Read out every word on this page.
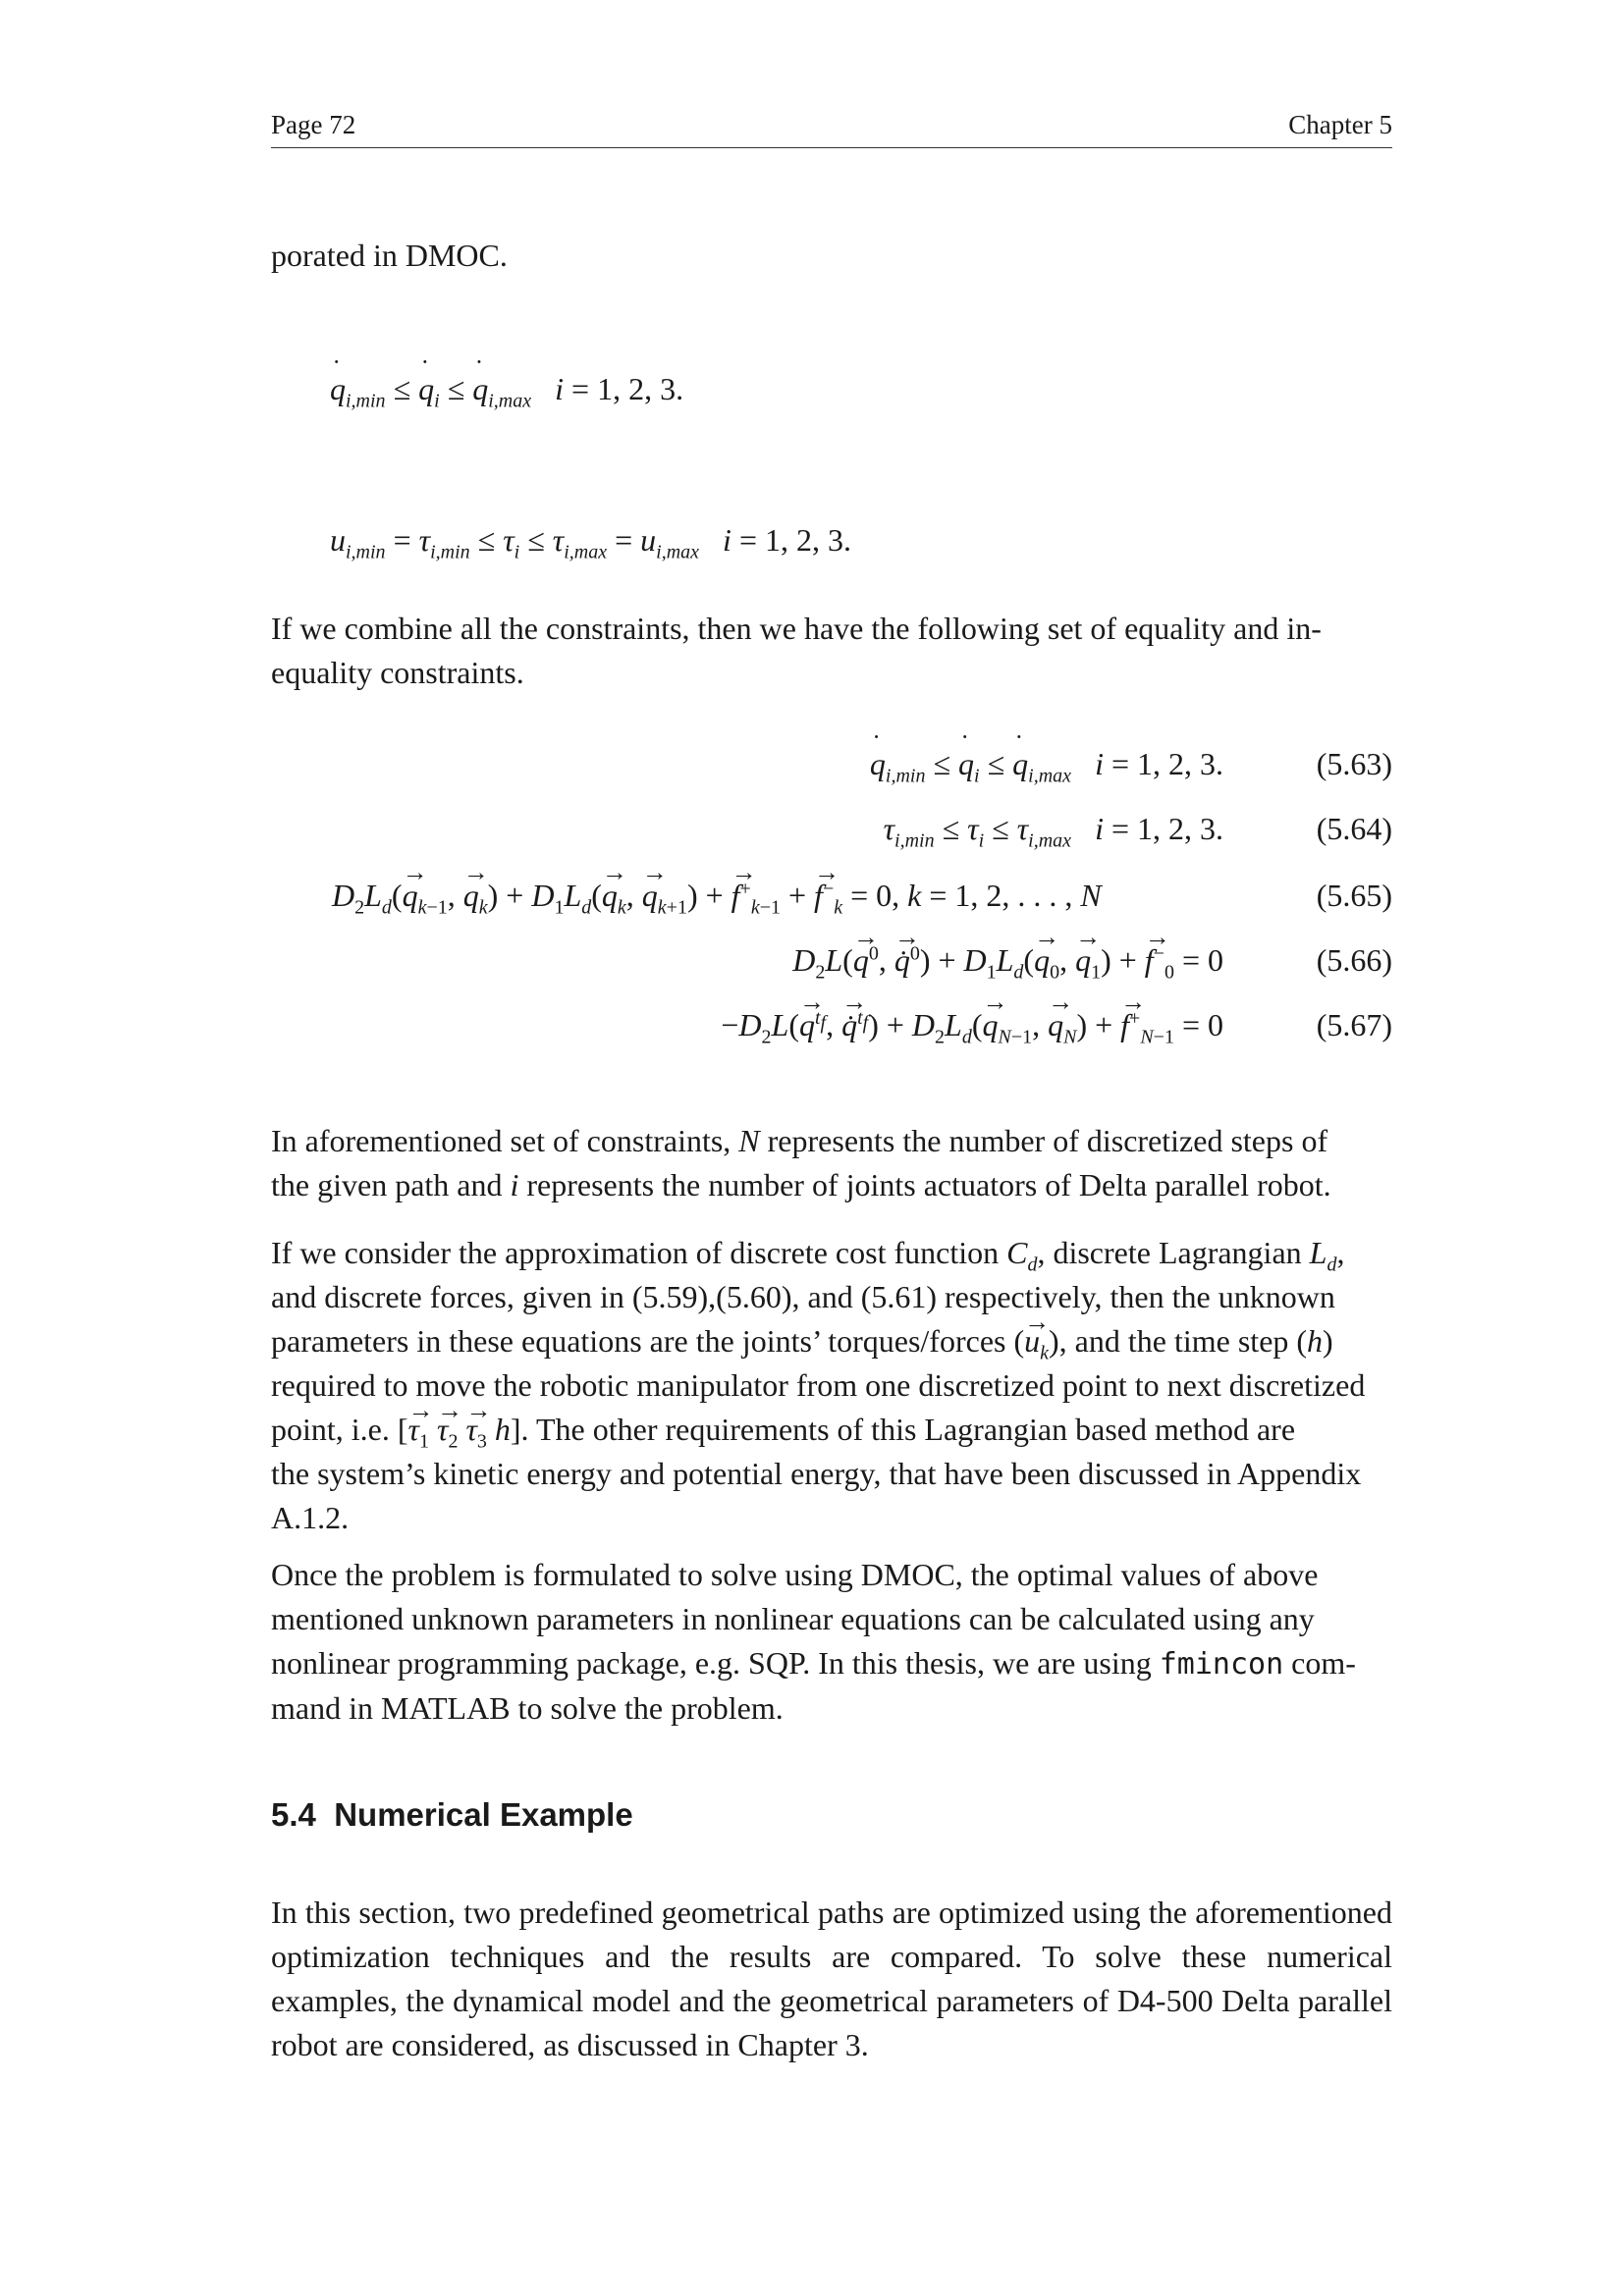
Page 72	Chapter 5
porated in DMOC.
˙ $q_{i,min}$ ≤ ˙ $q_i$ ≤ ˙ $q_{i,max}$ i = 1, 2, 3.
$u_{i,min} = \tau_{i,min} \le \tau_i \le \tau_{i,max} = u_{i,max}$ i = 1, 2, 3.
If we combine all the constraints, then we have the following set of equality and in-
equality constraints.
˙ $q_{i,min}$ ≤ ˙ $q_i$ ≤ ˙ $q_{i,max}$ i = 1, 2, 3.	(5.63)
$\tau_{i,min} \le \tau_i \le \tau_{i,max}$ i = 1, 2, 3.	(5.64)
$D_2L_d(\to q_{k-1}$, → $q_k) + D_1L_d(\to q_k$, → $q_{k+1}$) + → $f^+_{k-1}$ + → $f^-_k = 0$, k = 1, 2, . . . , N	(5.65)
$D_2L(\to q^0$, → q̇$^0$) + $D_1L_d(\to q_0$, → $q_1$) + → $f^-_0 = 0$	(5.66)
$-D_2L(\to q^{t_f}$, → q̇$^{t_f}$) + $D_2L_d(\to q_{N-1}$, → $q_N$) + → $f^+_{N-1} = 0$	(5.67)
In aforementioned set of constraints, N represents the number of discretized steps of
the given path and i represents the number of joints actuators of Delta parallel robot.
If we consider the approximation of discrete cost function $C_d$, discrete Lagrangian $L_d$,
and discrete forces, given in (5.59),(5.60), and (5.61) respectively, then the unknown
parameters in these equations are the joints’ torques/forces (→ $u_k$), and the time step (h)
required to move the robotic manipulator from one discretized point to next discretized
point, i.e. [→ $\tau_1 \to \tau_2 \to \tau_3$ h]. The other requirements of this Lagrangian based method are
the system’s kinetic energy and potential energy, that have been discussed in Appendix
A.1.2.
Once the problem is formulated to solve using DMOC, the optimal values of above
mentioned unknown parameters in nonlinear equations can be calculated using any
nonlinear programming package, e.g. SQP. In this thesis, we are using fmincon com-
mand in MATLAB to solve the problem.
5.4 Numerical Example
In this section, two predefined geometrical paths are optimized using the aforementioned optimization techniques and the results are compared. To solve these numerical examples, the dynamical model and the geometrical parameters of D4-500 Delta parallel robot are considered, as discussed in Chapter 3.
